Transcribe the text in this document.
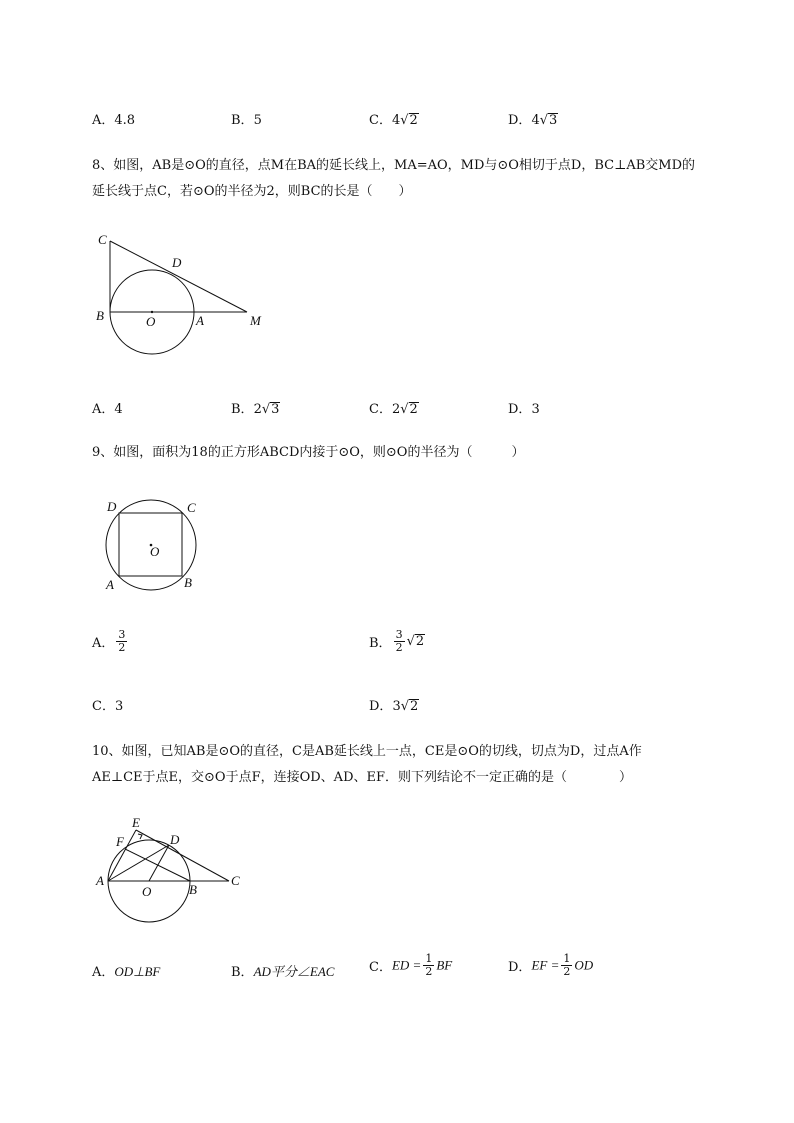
A．4.8	B．5	C．4√2	D．4√3
8、如图，AB是⊙O的直径，点M在BA的延长线上，MA=AO，MD与⊙O相切于点D，BC⊥AB交MD的
延长线于点C，若⊙O的半径为2，则BC的长是（　　）
C
D
B	O	A	M
A．4	B．2√3	C．2√2	D．3
9、如图，面积为18的正方形ABCD内接于⊙O，则⊙O的半径为（　　　）
D	C
O
A	B
A． $\frac{3}{2}$	B． $\frac{3}{2} √2$
C．3	D．3√2
10、如图，已知AB是⊙O的直径，C是AB延长线上一点，CE是⊙O的切线，切点为D，过点A作
AE⊥CE于点E，交⊙O于点F，连接OD、AD、EF．则下列结论不一定正确的是（　　　　）
E
F	D
A
O	B
C
A．OD⊥BF	B．AD平分∠EAC	C．ED = $\frac{1}{2}$ BF	D．EF = $\frac{1}{2}$ OD
